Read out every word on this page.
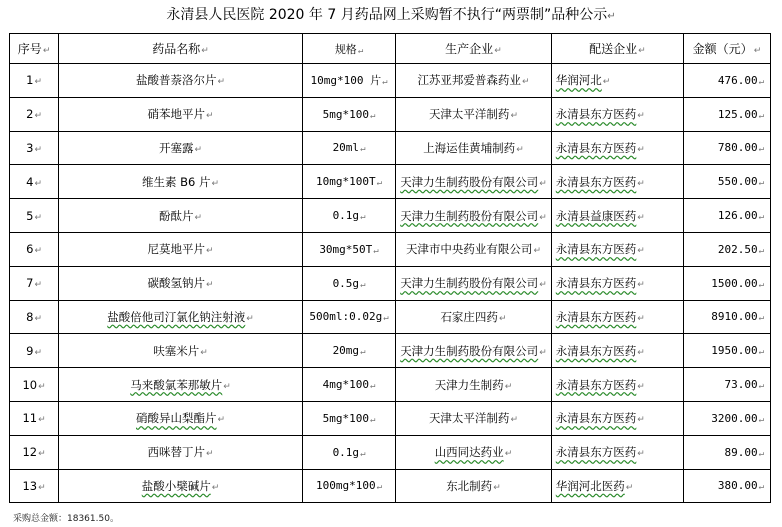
永清县人民医院 2020 年 7 月药品网上采购暂不执行“两票制”品种公示↵
序号↵	药品名称↵	规格↵	生产企业↵	配送企业↵	金额（元）↵
1↵	盐酸普萘洛尔片↵	10mg*100 片↵	江苏亚邦爱普森药业↵	华润河北↵	476.00↵
2↵	硝苯地平片↵	5mg*100↵	天津太平洋制药↵	永清县东方医药↵	125.00↵
3↵	开塞露↵	20ml↵	上海运佳黄埔制药↵	永清县东方医药↵	780.00↵
4↵	维生素 B6 片↵	10mg*100T↵	天津力生制药股份有限公司↵	永清县东方医药↵	550.00↵
5↵	酚酞片↵	0.1g↵	天津力生制药股份有限公司↵	永清县益康医药↵	126.00↵
6↵	尼莫地平片↵	30mg*50T↵	天津市中央药业有限公司↵	永清县东方医药↵	202.50↵
7↵	碳酸氢钠片↵	0.5g↵	天津力生制药股份有限公司↵	永清县东方医药↵	1500.00↵
8↵	盐酸倍他司汀氯化钠注射液↵	500ml:0.02g↵	石家庄四药↵	永清县东方医药↵	8910.00↵
9↵	呋塞米片↵	20mg↵	天津力生制药股份有限公司↵	永清县东方医药↵	1950.00↵
10↵	马来酸氯苯那敏片↵	4mg*100↵	天津力生制药↵	永清县东方医药↵	73.00↵
11↵	硝酸异山梨酯片↵	5mg*100↵	天津太平洋制药↵	永清县东方医药↵	3200.00↵
12↵	西咪替丁片↵	0.1g↵	山西同达药业↵	永清县东方医药↵	89.00↵
13↵	盐酸小檗碱片↵	100mg*100↵	东北制药↵	华润河北医药↵	380.00↵
采购总金额：18361.50。
